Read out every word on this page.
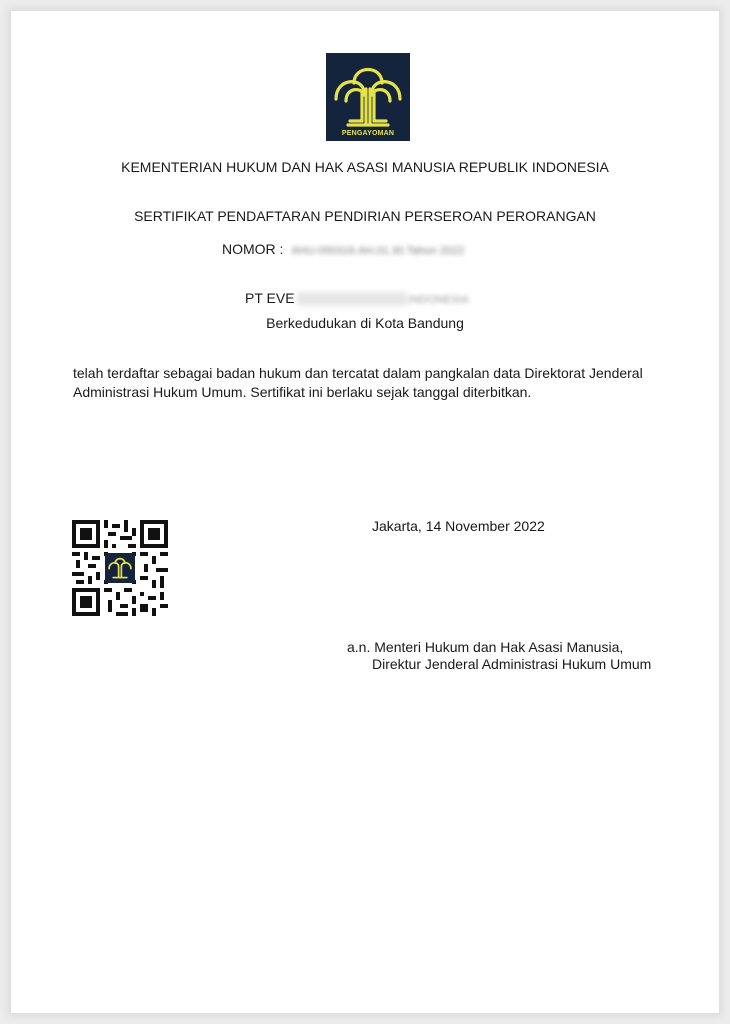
PENGAYOMAN
KEMENTERIAN HUKUM DAN HAK ASASI MANUSIA REPUBLIK INDONESIA
SERTIFIKAT PENDAFTARAN PENDIRIAN PERSEROAN PERORANGAN
NOMOR : AHU-050316.AH.01.30.Tahun 2022
PT EVE	INDONESIA
Berkedudukan di Kota Bandung
telah terdaftar sebagai badan hukum dan tercatat dalam pangkalan data Direktorat Jenderal Administrasi Hukum Umum. Sertifikat ini berlaku sejak tanggal diterbitkan.
Jakarta, 14 November 2022
a.n. Menteri Hukum dan Hak Asasi Manusia,
Direktur Jenderal Administrasi Hukum Umum
